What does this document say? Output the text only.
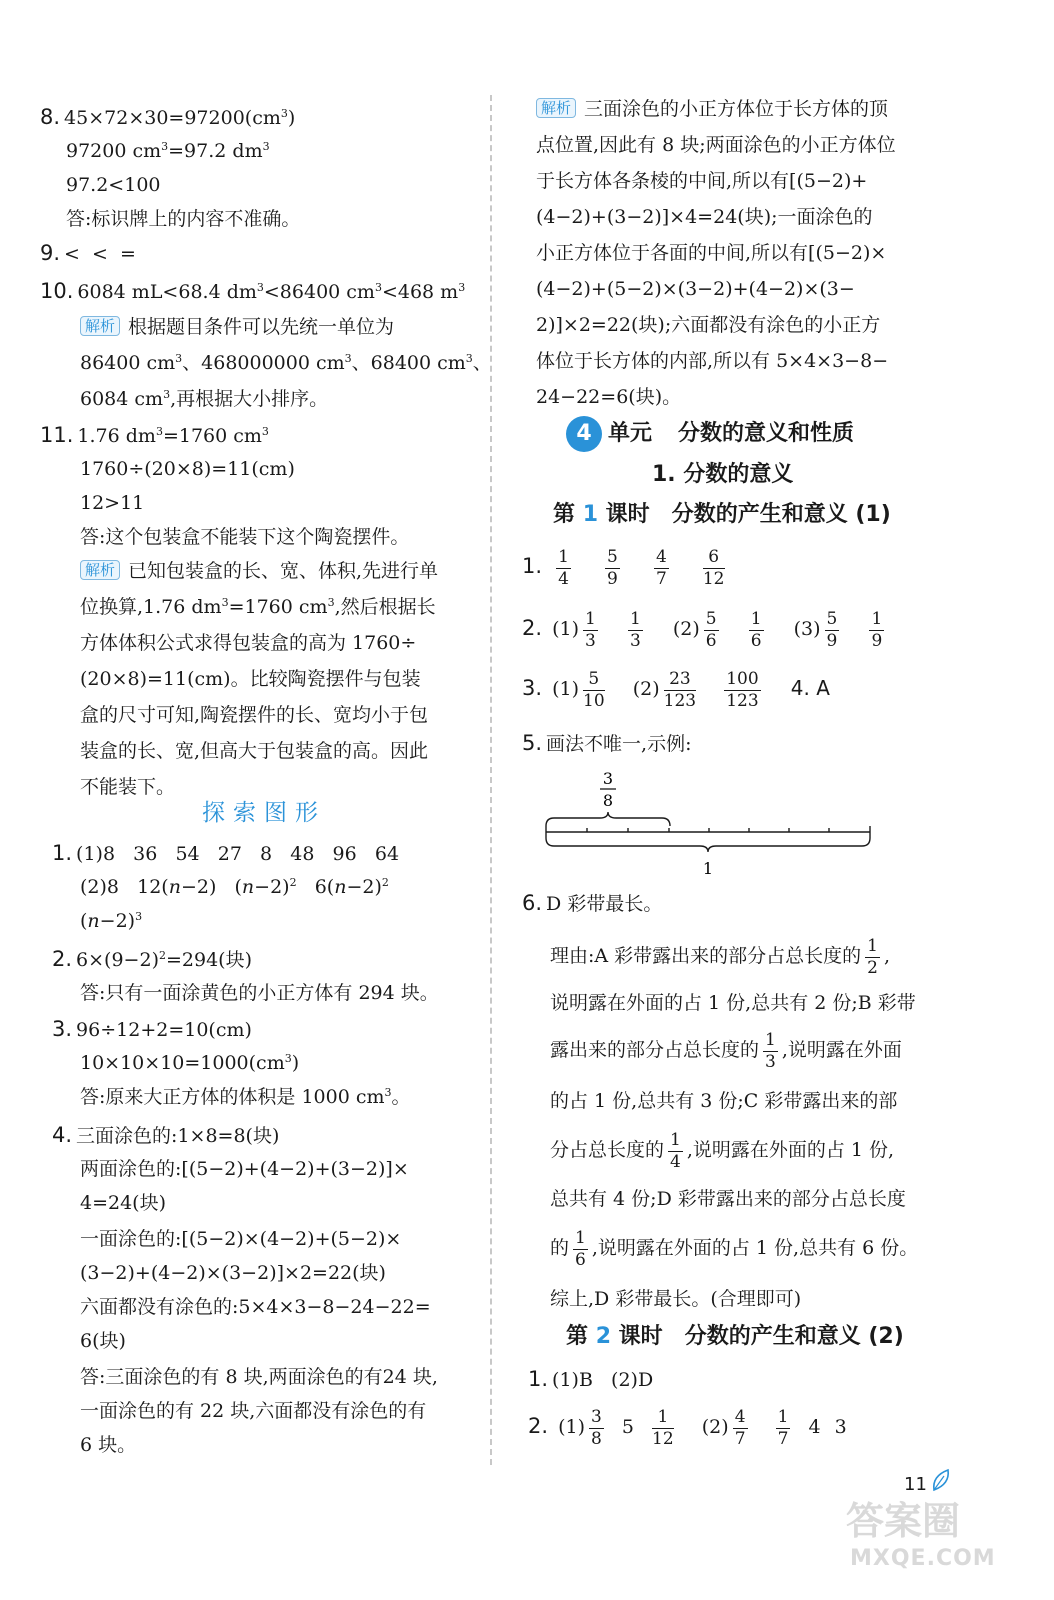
8. $45\times 72\times 30=97200(cm^3)$
97200 $cm^3=97.2$ $dm^3$
97.2<100
答:标识牌上的内容不准确。
9. <  <  =
10. 6084 mL<68.4 $dm^3<86400$ $cm^3<468$ $m^3$
解析 根据题目条件可以先统一单位为
86400 $cm^3$、468000000 $cm^3$、68400 $cm^3$、
6084 $cm^3$,再根据大小排序。
11. 1.76 $dm^3=1760$ $cm^3$
1760÷(20×8)=11(cm)
12>11
答:这个包装盒不能装下这个陶瓷摆件。
解析 已知包装盒的长、宽、体积,先进行单
位换算,1.76 $dm^3=1760$ $cm^3$,然后根据长
方体体积公式求得包装盒的高为 1760÷
(20×8)=11(cm)。比较陶瓷摆件与包装
盒的尺寸可知,陶瓷摆件的长、宽均小于包
装盒的长、宽,但高大于包装盒的高。因此
不能装下。
探索图形
1. (1)8   36   54   27   8   48   96   64
(2)8   12(n−2)   $(n-2)^2$   $6(n-2)^2$
$(n-2)^3$
2. $6\times(9-2)^2=294$(块)
答:只有一面涂黄色的小正方体有 294 块。
3. 96÷12+2=10(cm)
$10\times 10\times 10=1000(cm^3)$
答:原来大正方体的体积是 1000 $cm^3$。
4. 三面涂色的:1×8=8(块)
两面涂色的:[(5−2)+(4−2)+(3−2)]×
4=24(块)
一面涂色的:[(5−2)×(4−2)+(5−2)×
(3−2)+(4−2)×(3−2)]×2=22(块)
六面都没有涂色的:5×4×3−8−24−22=
6(块)
答:三面涂色的有 8 块,两面涂色的有24 块,
一面涂色的有 22 块,六面都没有涂色的有
6 块。
解析 三面涂色的小正方体位于长方体的顶
点位置,因此有 8 块;两面涂色的小正方体位
于长方体各条棱的中间,所以有[(5−2)+
(4−2)+(3−2)]×4=24(块);一面涂色的
小正方体位于各面的中间,所以有[(5−2)×
(4−2)+(5−2)×(3−2)+(4−2)×(3−
2)]×2=22(块);六面都没有涂色的小正方
体位于长方体的内部,所以有 5×4×3−8−
24−22=6(块)。
4 单元 分数的意义和性质
1. 分数的意义
第 1 课时 分数的产生和意义 (1)
1. $\frac{1}{4}$
$\frac{5}{9}$
$\frac{4}{7}$
$\frac{6}{12}$
2. $(1) \frac{1}{3}$
$\frac{1}{3} (2) \frac{5}{6}$
$\frac{1}{6} (3) \frac{5}{9}$
$\frac{1}{9}$
3. $(1) \frac{5}{10} (2) \frac{23}{123}$
$\frac{100}{123} 4$. A
5. 画法不唯一,示例:
3
8
1
6. D 彩带最长。
理由:A 彩带露出来的部分占总长度的 $\frac{1}{2}$ ,
说明露在外面的占 1 份,总共有 2 份;B 彩带
露出来的部分占总长度的 $\frac{1}{3}$ ,说明露在外面
的占 1 份,总共有 3 份;C 彩带露出来的部
分占总长度的 $\frac{1}{4}$ ,说明露在外面的占 1 份,
总共有 4 份;D 彩带露出来的部分占总长度
的 $\frac{1}{6}$ ,说明露在外面的占 1 份,总共有 6 份。
综上,D 彩带最长。(合理即可)
第 2 课时 分数的产生和意义 (2)
1. (1)B   (2)D
2. $(1) \frac{3}{8} 5 \frac{1}{12} (2) \frac{4}{7}$
$\frac{1}{7} 4$ 3
11
答案圈
MXQE.COM
